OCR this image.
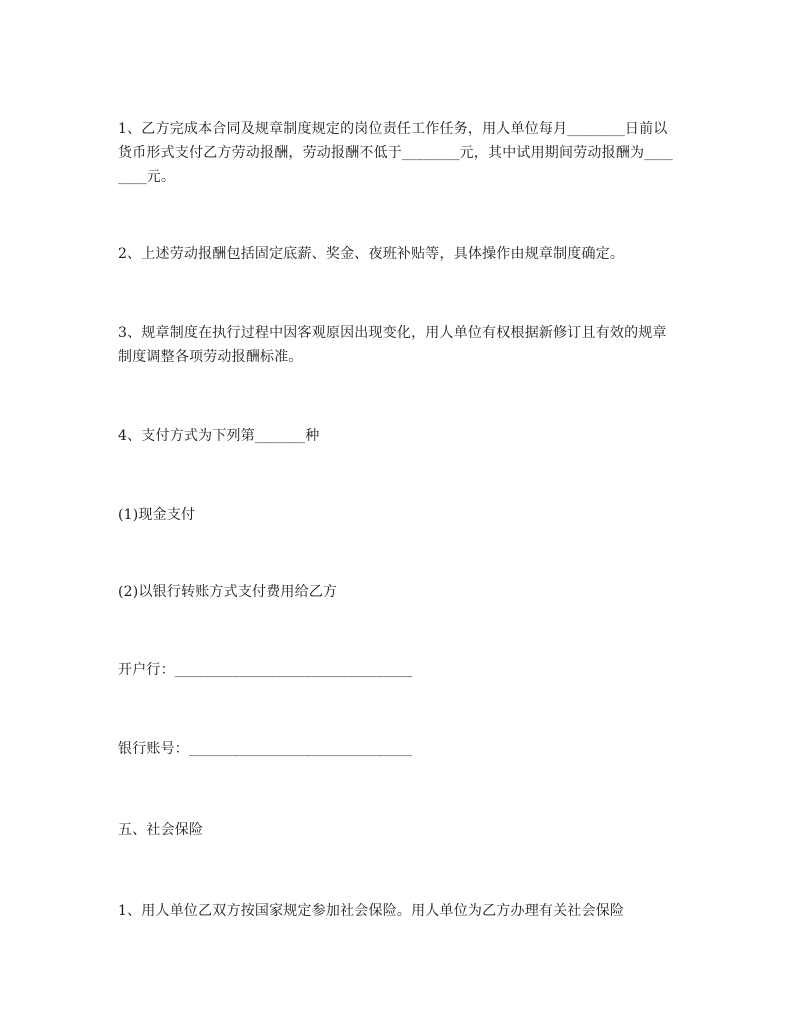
1、乙方完成本合同及规章制度规定的岗位责任工作任务，用人单位每月________日前以货币形式支付乙方劳动报酬，劳动报酬不低于________元，其中试用期间劳动报酬为________元。

2、上述劳动报酬包括固定底薪、奖金、夜班补贴等，具体操作由规章制度确定。

3、规章制度在执行过程中因客观原因出现变化，用人单位有权根据新修订且有效的规章制度调整各项劳动报酬标准。

4、支付方式为下列第_______种

(1)现金支付

(2)以银行转账方式支付费用给乙方

开户行：_________________________________

银行账号：_______________________________

五、社会保险

1、用人单位乙双方按国家规定参加社会保险。用人单位为乙方办理有关社会保险
